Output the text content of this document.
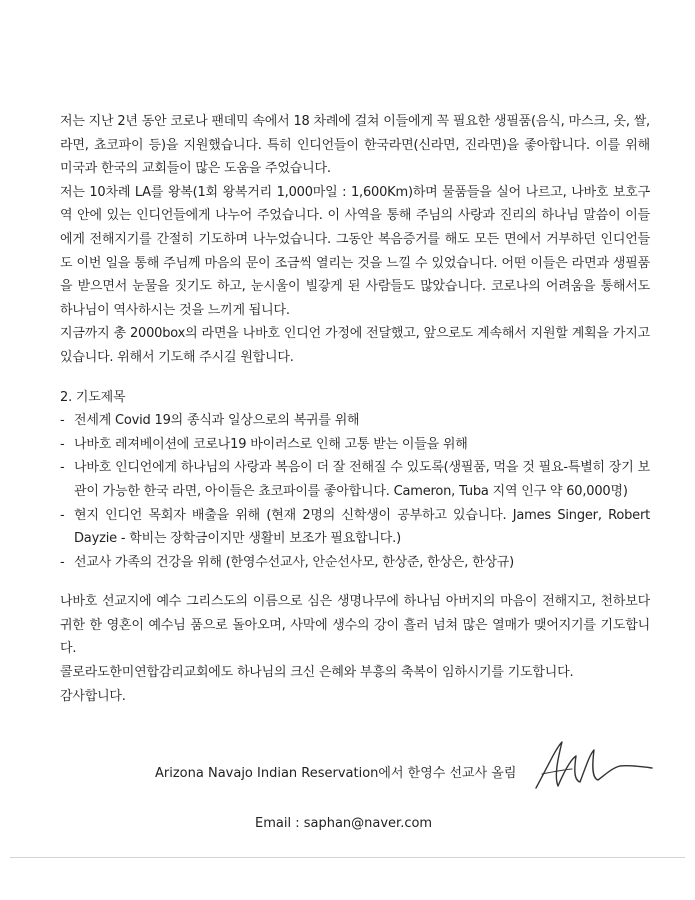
저는 지난 2년 동안 코로나 팬데믹 속에서 18 차례에 걸쳐 이들에게 꼭 필요한 생필품(음식, 마스크, 옷, 쌀, 라면, 쵸코파이 등)을 지원했습니다. 특히 인디언들이 한국라면(신라면, 진라면)을 좋아합니다. 이를 위해 미국과 한국의 교회들이 많은 도움을 주었습니다.

저는 10차례 LA를 왕복(1회 왕복거리 1,000마일 : 1,600Km)하며 물품들을 실어 나르고, 나바호 보호구역 안에 있는 인디언들에게 나누어 주었습니다. 이 사역을 통해 주님의 사랑과 진리의 하나님 말씀이 이들에게 전해지기를 간절히 기도하며 나누었습니다. 그동안 복음증거를 해도 모든 면에서 거부하던 인디언들도 이번 일을 통해 주님께 마음의 문이 조금씩 열리는 것을 느낄 수 있었습니다. 어떤 이들은 라면과 생필품을 받으면서 눈물을 짓기도 하고, 눈시울이 빌갛게 된 사람들도 많았습니다. 코로나의 어려움을 통해서도 하나님이 역사하시는 것을 느끼게 됩니다.

지금까지 총 2000box의 라면을 나바호 인디언 가정에 전달했고, 앞으로도 계속해서 지원할 계획을 가지고 있습니다. 위해서 기도해 주시길 원합니다.

2. 기도제목

- 전세계 Covid 19의 종식과 일상으로의 복귀를 위해
- 나바호 레져베이션에 코로나19 바이러스로 인해 고통 받는 이들을 위해
- 나바호 인디언에게 하나님의 사랑과 복음이 더 잘 전해질 수 있도록(생필품, 먹을 것 필요-특별히 장기 보관이 가능한 한국 라면, 아이들은 쵸코파이를 좋아합니다. Cameron, Tuba 지역 인구 약 60,000명)
- 현지 인디언 목회자 배출을 위해 (현재 2명의 신학생이 공부하고 있습니다. James Singer, Robert Dayzie - 학비는 장학금이지만 생활비 보조가 필요합니다.)
- 선교사 가족의 건강을 위해 (한영수선교사, 안순선사모, 한상준, 한상은, 한상규)

나바호 선교지에 예수 그리스도의 이름으로 심은 생명나무에 하나님 아버지의 마음이 전해지고, 천하보다 귀한 한 영혼이 예수님 품으로 돌아오며, 사막에 생수의 강이 흘러 넘쳐 많은 열매가 맺어지기를 기도합니다.

콜로라도한미연합감리교회에도 하나님의 크신 은혜와 부흥의 축복이 임하시기를 기도합니다.

감사합니다.

Arizona Navajo Indian Reservation에서 한영수 선교사 올림
Email : saphan@naver.com
